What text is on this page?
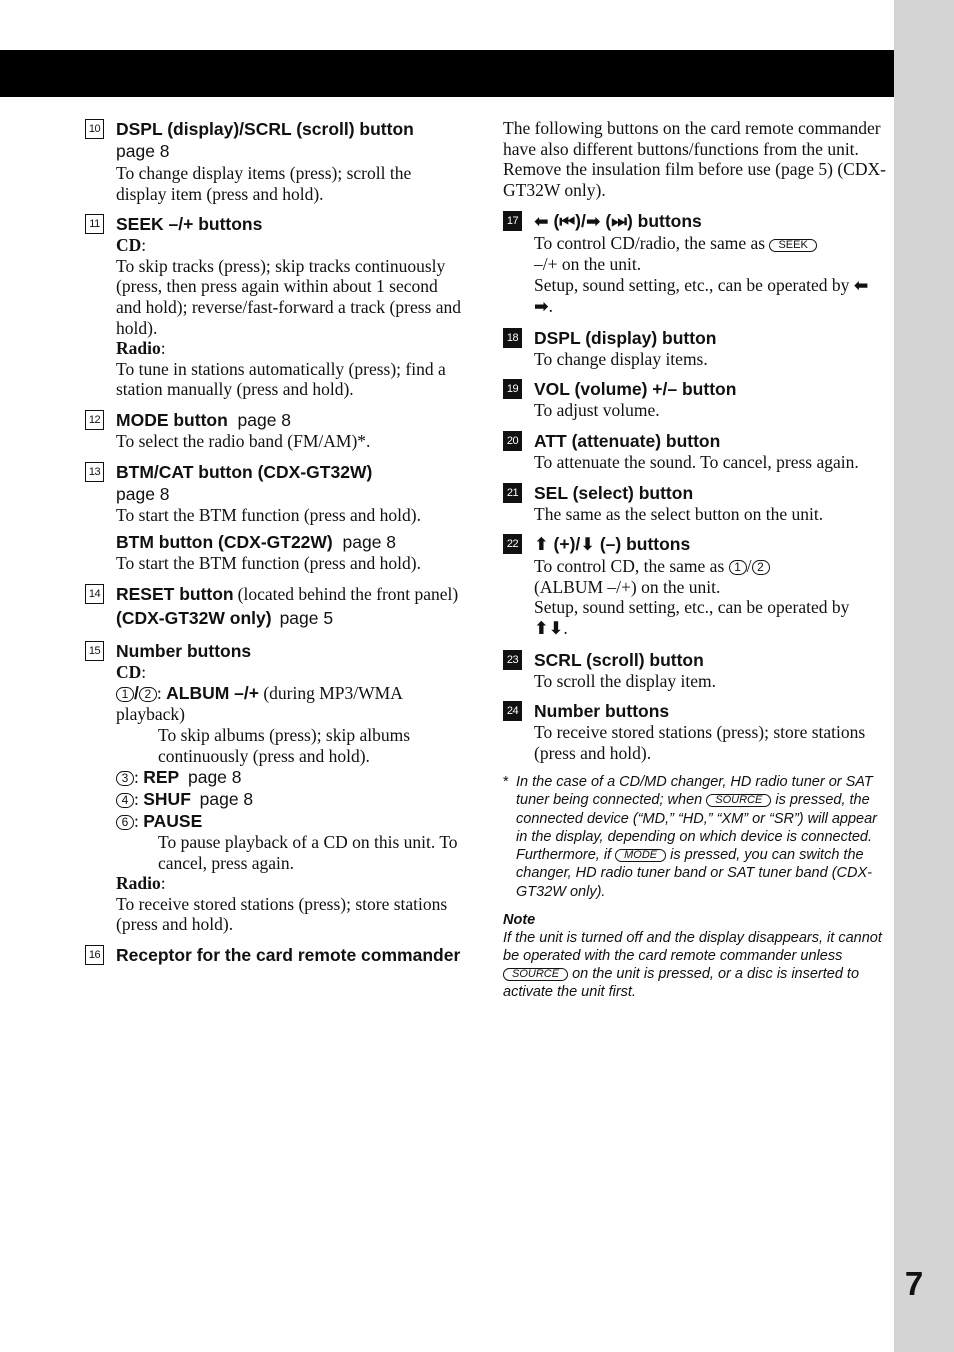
7
10 DSPL (display)/SCRL (scroll) button
page 8
To change display items (press); scroll the display item (press and hold).
11 SEEK –/+ buttons
CD:
To skip tracks (press); skip tracks continuously (press, then press again within about 1 second and hold); reverse/fast-forward a track (press and hold).
Radio:
To tune in stations automatically (press); find a station manually (press and hold).
12 MODE button page 8
To select the radio band (FM/AM)*.
13 BTM/CAT button (CDX-GT32W)
page 8
To start the BTM function (press and hold).
BTM button (CDX-GT22W) page 8
To start the BTM function (press and hold).
14 RESET button (located behind the front panel) (CDX-GT32W only) page 5
15 Number buttons
CD:
1 / 2 : ALBUM –/+ (during MP3/WMA playback)
To skip albums (press); skip albums continuously (press and hold).
3 : REP page 8
4 : SHUF page 8
6 : PAUSE
To pause playback of a CD on this unit. To cancel, press again.
Radio:
To receive stored stations (press); store stations (press and hold).
16 Receptor for the card remote commander
The following buttons on the card remote commander have also different buttons/functions from the unit. Remove the insulation film before use (page 5) (CDX-GT32W only).
17 ⬅ (⏮)/➡ (⏭) buttons
To control CD/radio, the same as SEEK
–/+ on the unit.
Setup, sound setting, etc., can be operated by ⬅ ➡.
18 DSPL (display) button
To change display items.
19 VOL (volume) +/– button
To adjust volume.
20 ATT (attenuate) button
To attenuate the sound. To cancel, press again.
21 SEL (select) button
The same as the select button on the unit.
22 ⬆ (+)/⬇ (–) buttons
To control CD, the same as 1 / 2
(ALBUM –/+) on the unit.
Setup, sound setting, etc., can be operated by ⬆⬇.
23 SCRL (scroll) button
To scroll the display item.
24 Number buttons
To receive stored stations (press); store stations (press and hold).
* In the case of a CD/MD changer, HD radio tuner or SAT tuner being connected; when SOURCE is pressed, the connected device (“MD,” “HD,” “XM” or “SR”) will appear in the display, depending on which device is connected. Furthermore, if MODE is pressed, you can switch the changer, HD radio tuner band or SAT tuner band (CDX-GT32W only).
Note
If the unit is turned off and the display disappears, it cannot be operated with the card remote commander unless SOURCE on the unit is pressed, or a disc is inserted to activate the unit first.
